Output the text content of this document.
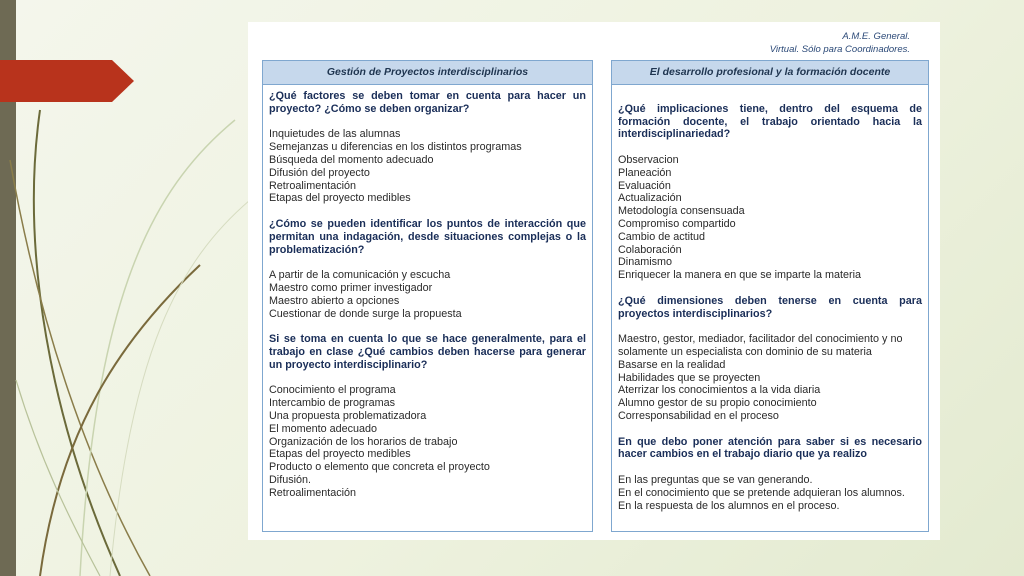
A.M.E. General.
Virtual. Sólo para Coordinadores.
Gestión de Proyectos interdisciplinarios
¿Qué factores se deben tomar en cuenta para hacer un proyecto? ¿Cómo se deben organizar?
Inquietudes de las alumnas
Semejanzas u diferencias en los distintos programas
Búsqueda del momento adecuado
Difusión del proyecto
Retroalimentación
Etapas del proyecto medibles
¿Cómo se pueden identificar los puntos de interacción que permitan una indagación, desde situaciones complejas o la problematización?
A partir de la comunicación y escucha
Maestro como primer investigador
Maestro abierto a opciones
Cuestionar de donde surge la propuesta
Si se toma en cuenta lo que se hace generalmente, para el trabajo en clase ¿Qué cambios deben hacerse para generar un proyecto interdisciplinario?
Conocimiento el programa
Intercambio de programas
Una propuesta problematizadora
El momento adecuado
Organización de los horarios de trabajo
Etapas del proyecto medibles
Producto o elemento que concreta el proyecto
Difusión.
Retroalimentación
El desarrollo profesional y la formación docente
¿Qué implicaciones tiene, dentro del esquema de formación docente, el trabajo orientado hacia la interdisciplinariedad?
Observacion
Planeación
Evaluación
Actualización
Metodología consensuada
Compromiso compartido
Cambio de actitud
Colaboración
Dinamismo
Enriquecer la manera en que se imparte la materia
¿Qué dimensiones deben tenerse en cuenta para proyectos interdisciplinarios?
Maestro, gestor, mediador, facilitador del conocimiento y no solamente un especialista con dominio de su materia
Basarse en la realidad
Habilidades que se proyecten
Aterrizar los conocimientos a la vida diaria
Alumno gestor de su propio conocimiento
Corresponsabilidad en el proceso
En que debo poner atención para saber si es necesario hacer cambios en el trabajo diario que ya realizo
En las preguntas que se van generando.
En el conocimiento que se pretende adquieran los alumnos.
En la respuesta de los alumnos en el proceso.
